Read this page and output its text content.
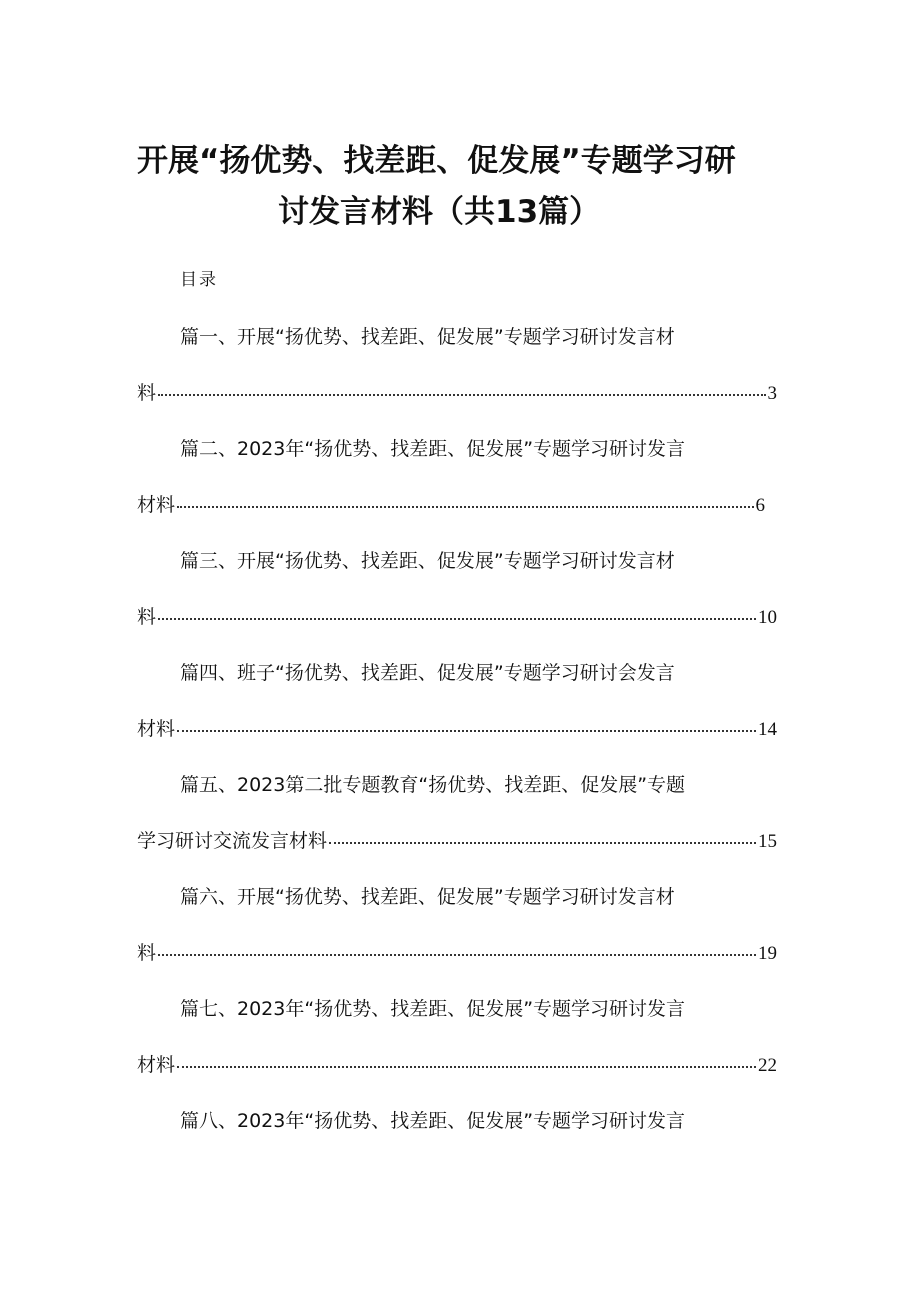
开展“扬优势、找差距、促发展”专题学习研
讨发言材料（共13篇）
目录
篇一、开展“扬优势、找差距、促发展”专题学习研讨发言材
料	3
篇二、2023年“扬优势、找差距、促发展”专题学习研讨发言
材料	6
篇三、开展“扬优势、找差距、促发展”专题学习研讨发言材
料	10
篇四、班子“扬优势、找差距、促发展”专题学习研讨会发言
材料	14
篇五、2023第二批专题教育“扬优势、找差距、促发展”专题
学习研讨交流发言材料	15
篇六、开展“扬优势、找差距、促发展”专题学习研讨发言材
料	19
篇七、2023年“扬优势、找差距、促发展”专题学习研讨发言
材料	22
篇八、2023年“扬优势、找差距、促发展”专题学习研讨发言
